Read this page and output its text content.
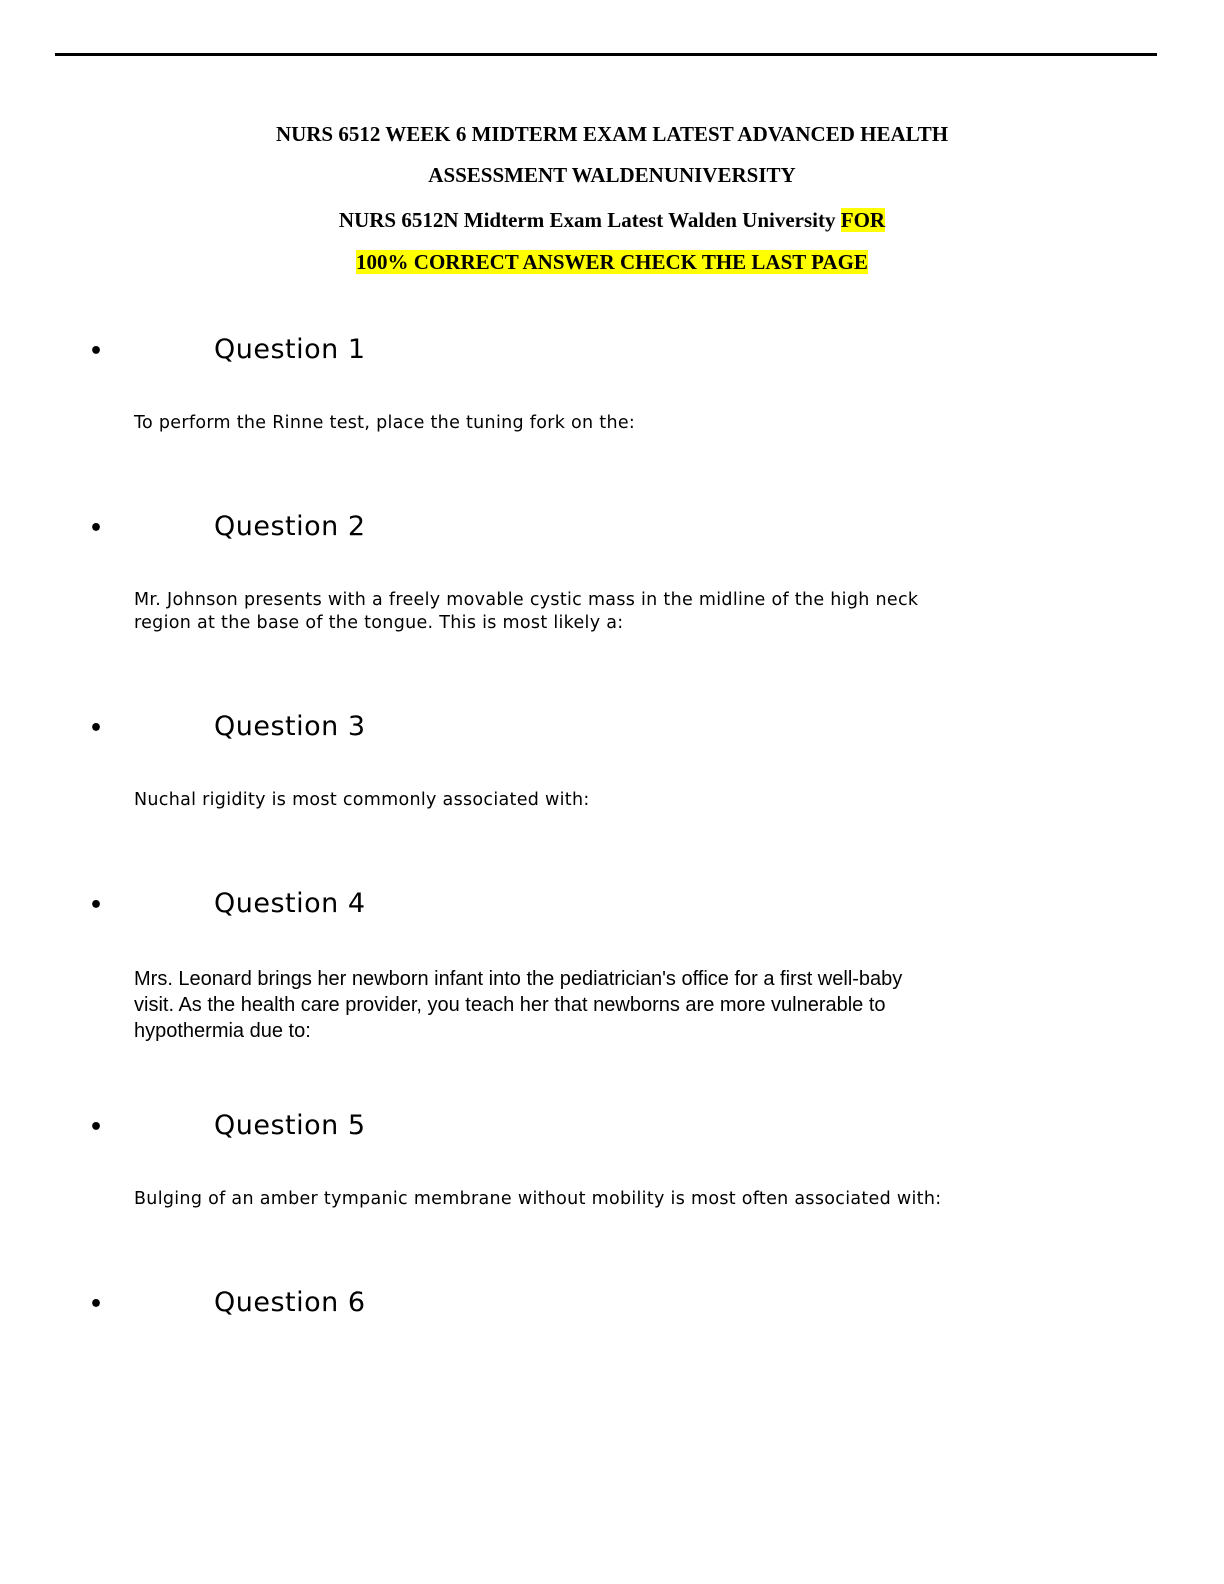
NURS 6512 WEEK 6 MIDTERM EXAM LATEST ADVANCED HEALTH
ASSESSMENT WALDENUNIVERSITY
NURS 6512N Midterm Exam Latest Walden University FOR
100% CORRECT ANSWER CHECK THE LAST PAGE
•	Question 1
To perform the Rinne test, place the tuning fork on the:
•	Question 2
Mr. Johnson presents with a freely movable cystic mass in the midline of the high neck
region at the base of the tongue. This is most likely a:
•	Question 3
Nuchal rigidity is most commonly associated with:
•	Question 4
Mrs. Leonard brings her newborn infant into the pediatrician's office for a first well-baby
visit. As the health care provider, you teach her that newborns are more vulnerable to
hypothermia due to:
•	Question 5
Bulging of an amber tympanic membrane without mobility is most often associated with:
•	Question 6
